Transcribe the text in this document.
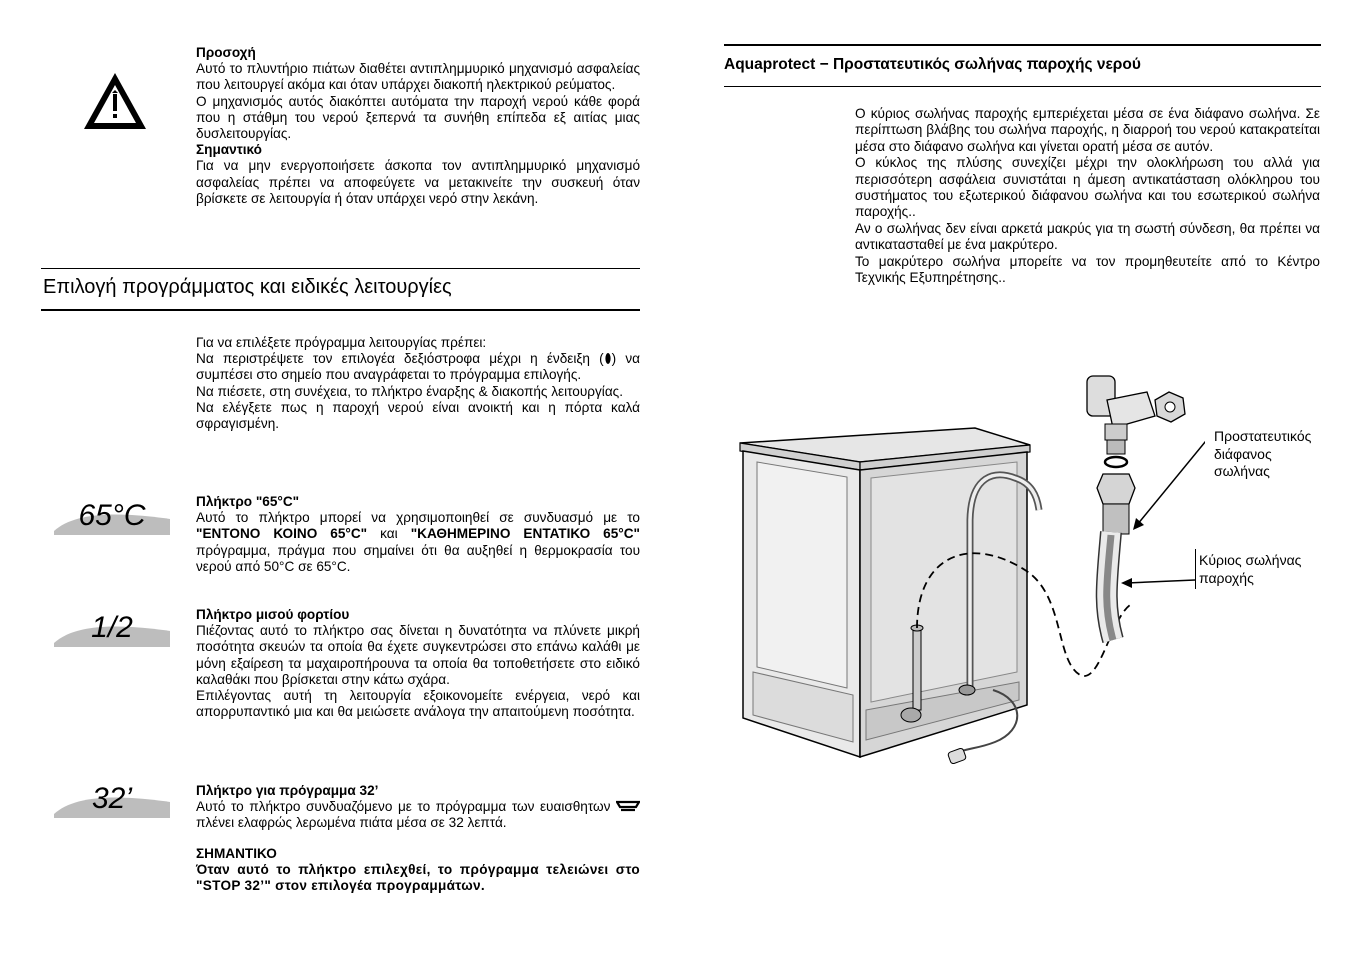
Προσοχή

Αυτό το πλυντήριο πιάτων διαθέτει αντιπλημμυρικό μηχανισμό ασφαλείας που λειτουργεί ακόμα και όταν υπάρχει διακοπή ηλεκτρικού ρεύματος.

Ο μηχανισμός αυτός διακόπτει αυτόματα την παροχή νερού κάθε φορά που η στάθμη του νερού ξεπερνά τα συνήθη επίπεδα εξ αιτίας μιας δυσλειτουργίας.

Σημαντικό

Για να μην ενεργοποιήσετε άσκοπα τον αντιπλημμυρικό μηχανισμό ασφαλείας πρέπει να αποφεύγετε να μετακινείτε την συσκευή όταν βρίσκετε σε λειτουργία ή όταν υπάρχει νερό στην λεκάνη.

Επιλογή προγράμματος και ειδικές λειτουργίες

Για να επιλέξετε πρόγραμμα λειτουργίας πρέπει:

Να περιστρέψετε τον επιλογέα δεξιόστροφα μέχρι η ένδειξη ( ) να συμπέσει στο σημείο που αναγράφεται το πρόγραμμα επιλογής.

Να πιέσετε, στη συνέχεια, το πλήκτρο έναρξης & διακοπής λειτουργίας.

Να ελέγξετε πως η παροχή νερού είναι ανοικτή και η πόρτα καλά σφραγισμένη.

65°C	Πλήκτρο "65°C"

Αυτό το πλήκτρο μπορεί να χρησιμοποιηθεί σε συνδυασμό με το "ΕΝΤΟΝΟ ΚΟΙΝΟ 65°C" και "ΚΑΘΗΜΕΡΙΝΟ ΕΝΤΑΤΙΚΟ 65°C" πρόγραμμα, πράγμα που σημαίνει ότι θα αυξηθεί η θερμοκρασία του νερού από 50°C σε 65°C.

1/2	Πλήκτρο μισού φορτίου

Πιέζοντας αυτό το πλήκτρο σας δίνεται η δυνατότητα να πλύνετε μικρή ποσότητα σκευών τα οποία θα έχετε συγκεντρώσει στο επάνω καλάθι με μόνη εξαίρεση τα μαχαιροπήρουνα τα οποία θα τοποθετήσετε στο ειδικό καλαθάκι που βρίσκεται στην κάτω σχάρα.

Επιλέγοντας αυτή τη λειτουργία εξοικονομείτε ενέργεια, νερό και απορρυπαντικό μια και θα μειώσετε ανάλογα την απαιτούμενη ποσότητα.

32’	Πλήκτρο για πρόγραμμα 32’

Αυτό το πλήκτρο συνδυαζόμενο με το πρόγραμμα των ευαισθητων  πλένει ελαφρώς λερωμένα πιάτα μέσα σε 32 λεπτά.

ΣΗΜΑΝΤΙΚΟ

Όταν αυτό το πλήκτρο επιλεχθεί, το πρόγραμμα τελειώνει στο "STOP 32’" στον επιλογέα προγραμμάτων.

Aquaprotect − Προστατευτικός σωλήνας παροχής νερού

Ο κύριος σωλήνας παροχής εμπεριέχεται μέσα σε ένα διάφανο σωλήνα. Σε περίπτωση βλάβης του σωλήνα παροχής, η διαρροή του νερού κατακρατείται μέσα στο διάφανο σωλήνα και γίνεται ορατή μέσα σε αυτόν.

Ο κύκλος της πλύσης συνεχίζει μέχρι την ολοκλήρωση του αλλά για περισσότερη ασφάλεια συνιστάται η άμεση αντικατάσταση ολόκληρου του συστήματος του εξωτερικού διάφανου σωλήνα και του εσωτερικού σωλήνα παροχής..

Αν ο σωλήνας δεν είναι αρκετά μακρύς για τη σωστή σύνδεση, θα πρέπει να αντικατασταθεί με ένα μακρύτερο.

Το μακρύτερο σωλήνα μπορείτε να τον προμηθευτείτε από το Κέντρο Τεχνικής Εξυπηρέτησης..

Προστατευτικός

διάφανος

σωλήνας

Κύριος σωλήνας

παροχής
